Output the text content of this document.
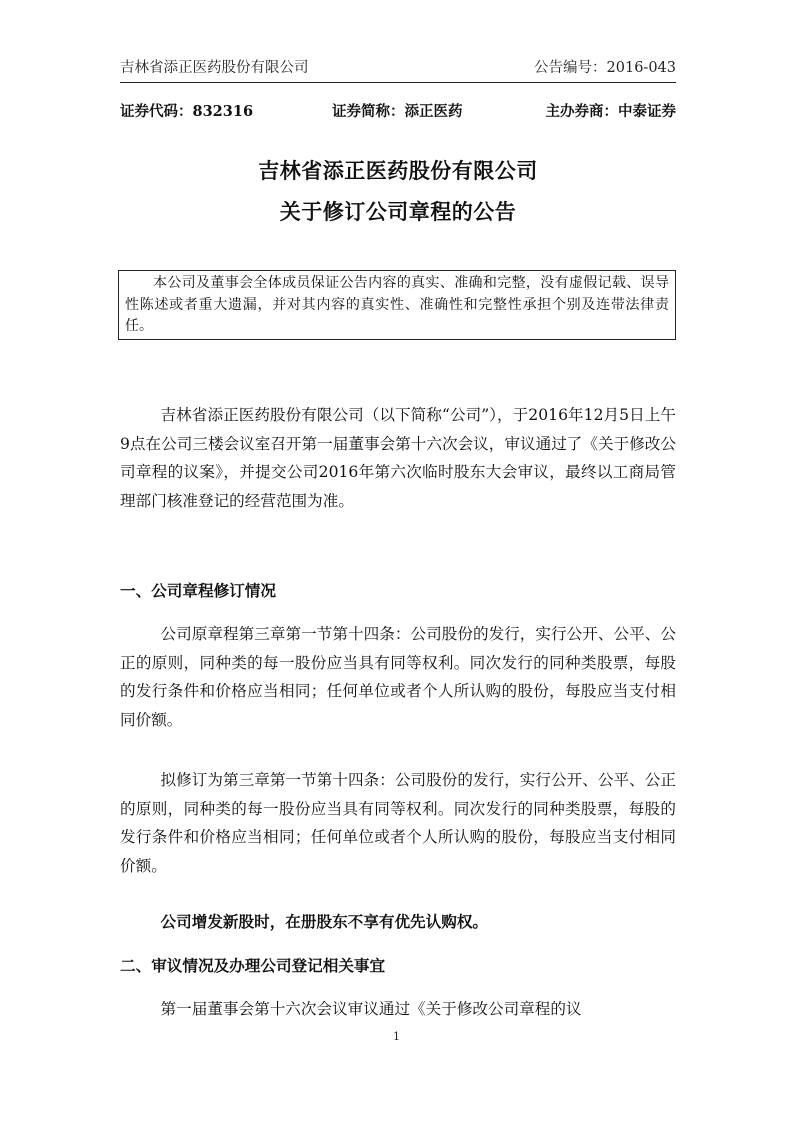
吉林省添正医药股份有限公司	公告编号：2016-043
证券代码：832316	证券简称：添正医药	主办券商：中泰证券
吉林省添正医药股份有限公司
关于修订公司章程的公告
本公司及董事会全体成员保证公告内容的真实、准确和完整，没有虚假记载、误导性陈述或者重大遗漏，并对其内容的真实性、准确性和完整性承担个别及连带法律责任。

吉林省添正医药股份有限公司（以下简称“公司”），于2016年12月5日上午9点在公司三楼会议室召开第一届董事会第十六次会议，审议通过了《关于修改公司章程的议案》，并提交公司2016年第六次临时股东大会审议，最终以工商局管理部门核准登记的经营范围为准。

一、公司章程修订情况

公司原章程第三章第一节第十四条：公司股份的发行，实行公开、公平、公正的原则，同种类的每一股份应当具有同等权利。同次发行的同种类股票，每股的发行条件和价格应当相同；任何单位或者个人所认购的股份，每股应当支付相同价额。

拟修订为第三章第一节第十四条：公司股份的发行，实行公开、公平、公正的原则，同种类的每一股份应当具有同等权利。同次发行的同种类股票，每股的发行条件和价格应当相同；任何单位或者个人所认购的股份，每股应当支付相同价额。

公司增发新股时，在册股东不享有优先认购权。

二、审议情况及办理公司登记相关事宜

第一届董事会第十六次会议审议通过《关于修改公司章程的议

1
